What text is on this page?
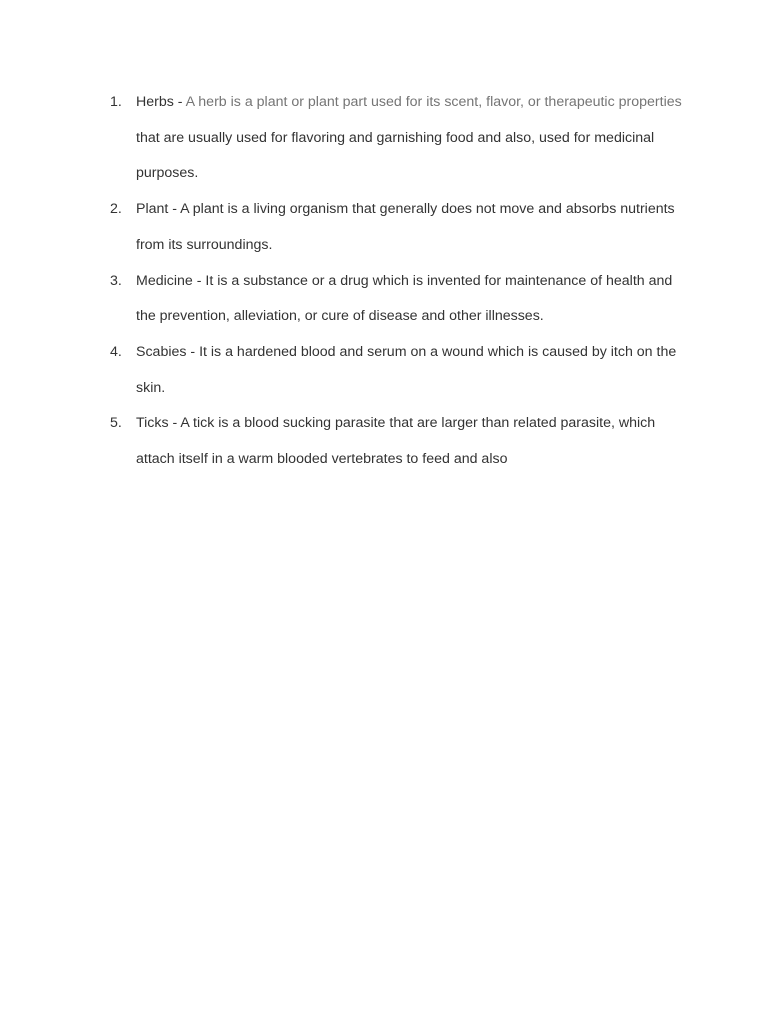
1. Herbs - A herb is a plant or plant part used for its scent, flavor, or therapeutic properties that are usually used for flavoring and garnishing food and also, used for medicinal purposes.
2. Plant - A plant is a living organism that generally does not move and absorbs nutrients from its surroundings.
3. Medicine - It is a substance or a drug which is invented for maintenance of health and the prevention, alleviation, or cure of disease and other illnesses.
4. Scabies - It is a hardened blood and serum on a wound which is caused by itch on the skin.
5. Ticks - A tick is a blood sucking parasite that are larger than related parasite, which attach itself in a warm blooded vertebrates to feed and also
